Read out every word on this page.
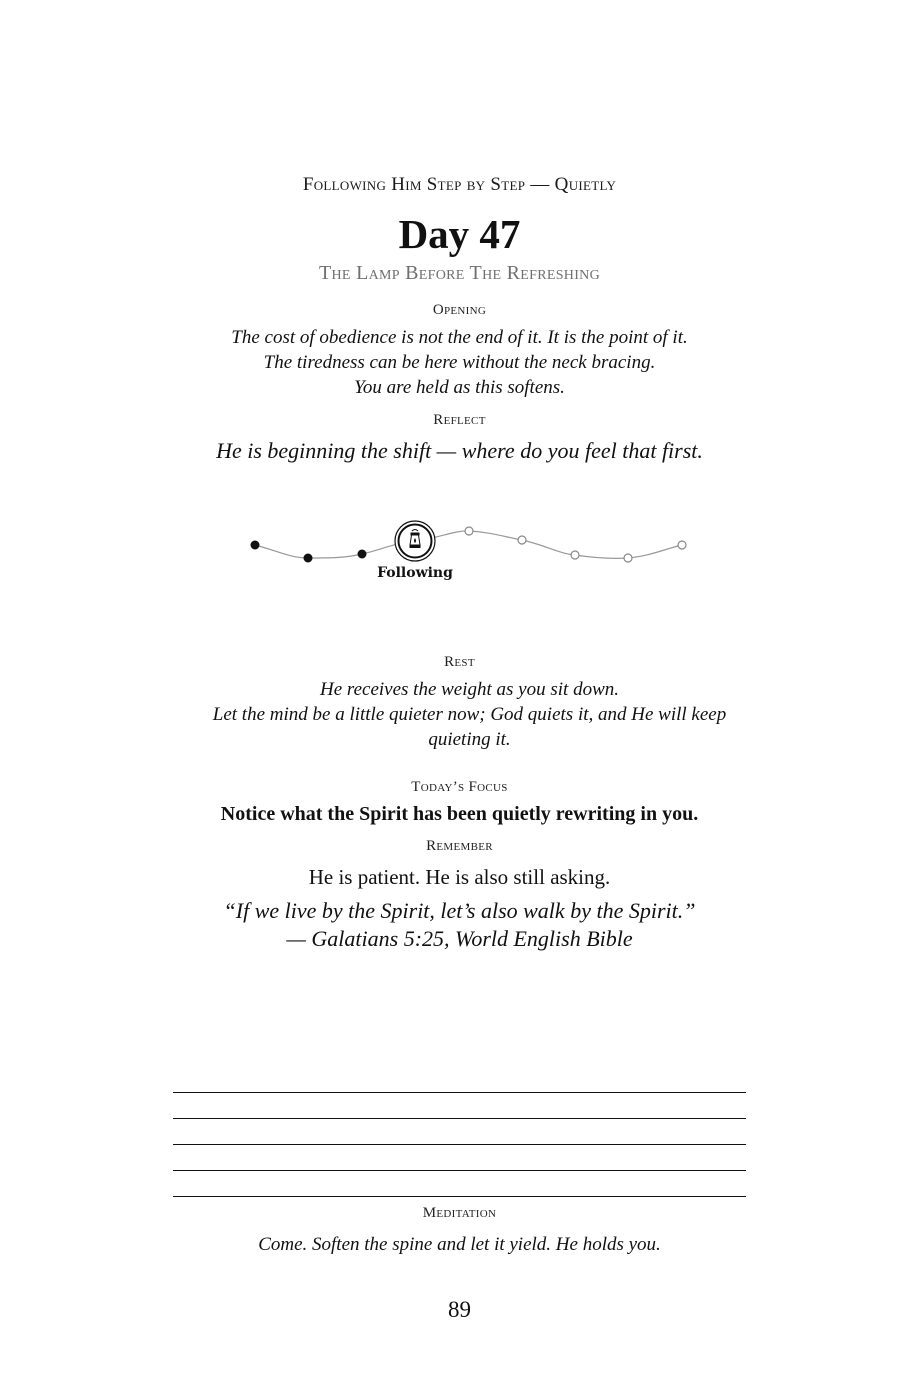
Following Him Step by Step — Quietly
Day 47
The Lamp Before The Refreshing
Opening
The cost of obedience is not the end of it. It is the point of it.
The tiredness can be here without the neck bracing.
You are held as this softens.
Reflect
He is beginning the shift — where do you feel that first.
Following
Rest
He receives the weight as you sit down.
Let the mind be a little quieter now; God quiets it, and He will keep quieting it.
Today’s Focus
Notice what the Spirit has been quietly rewriting in you.
Remember
He is patient. He is also still asking.
“If we live by the Spirit, let’s also walk by the Spirit.”
— Galatians 5:25, World English Bible
Meditation
Come. Soften the spine and let it yield. He holds you.
89
